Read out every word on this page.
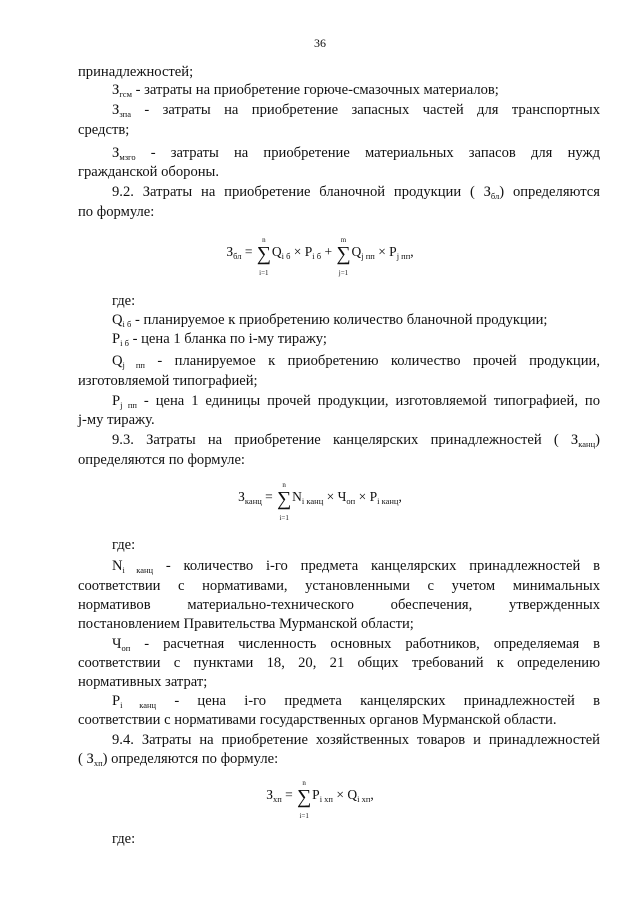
36
принадлежностей;
$З_{гсм}$ - затраты на приобретение горюче-смазочных материалов;
$З_{зпа}$ - затраты на приобретение запасных частей для транспортных
средств;
$З_{мзго}$ - затраты на приобретение материальных запасов для нужд
гражданской обороны.
9.2. Затраты на приобретение бланочной продукции ( $З_{бл}$) определяются
по формуле:
$З_{бл}$ = ∑
n
i=1
$Q_{i б} \times P_{i б}$ + ∑
m
j=1
$Q_{j пп} \times P_{j пп}$,
где:
$Q_{i б}$ - планируемое к приобретению количество бланочной продукции;
$P_{i б}$ - цена 1 бланка по i-му тиражу;
$Q_{j пп}$ - планируемое к приобретению количество прочей продукции,
изготовляемой типографией;
$P_{j пп}$ - цена 1 единицы прочей продукции, изготовляемой типографией, по
j-му тиражу.
9.3. Затраты на приобретение канцелярских принадлежностей ( $З_{канц}$)
определяются по формуле:
$З_{канц}$ = ∑
n
i=1
$N_{i канц} \times Ч_{оп} \times P_{i канц}$,
где:
$N_{i канц}$ - количество i-го предмета канцелярских принадлежностей в
соответствии с нормативами, установленными с учетом минимальных
нормативов материально-технического обеспечения, утвержденных
постановлением Правительства Мурманской области;
$Ч_{оп}$ - расчетная численность основных работников, определяемая в
соответствии с пунктами 18, 20, 21 общих требований к определению
нормативных затрат;
$P_{i канц}$ - цена i-го предмета канцелярских принадлежностей в
соответствии с нормативами государственных органов Мурманской области.
9.4. Затраты на приобретение хозяйственных товаров и принадлежностей
( $З_{хп}$) определяются по формуле:
$З_{хп}$ = ∑
n
i=1
$P_{i хп} \times Q_{i хп}$,
где:
